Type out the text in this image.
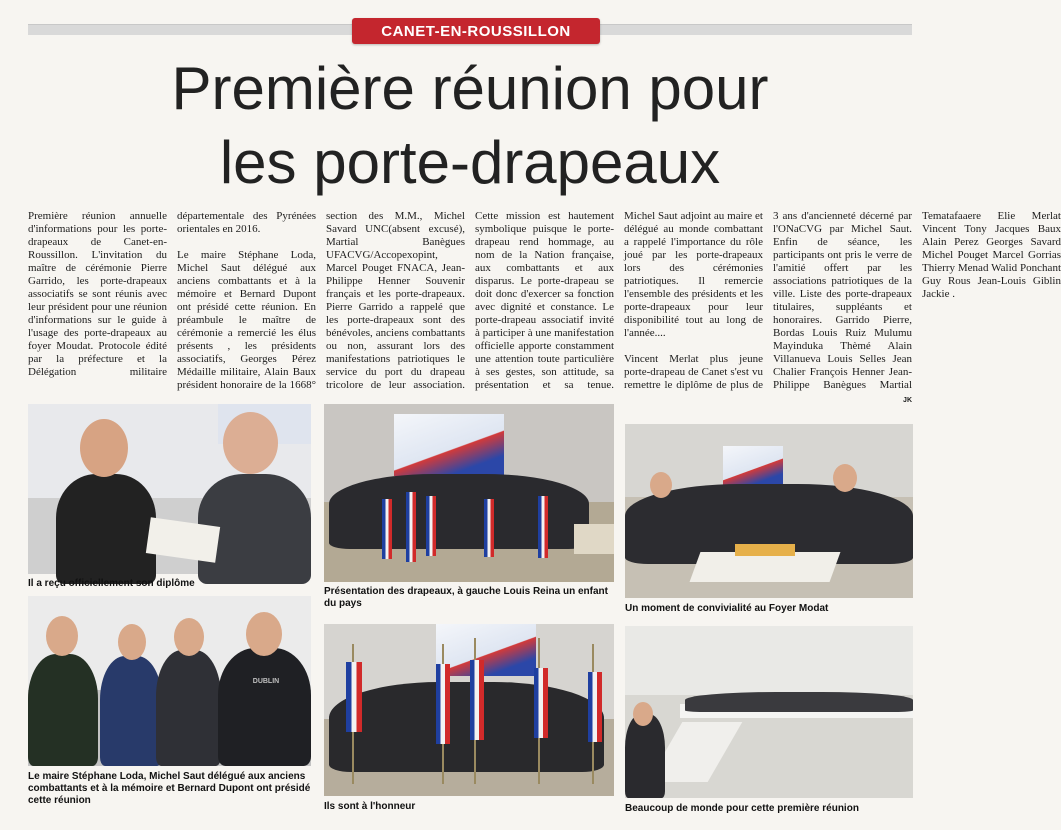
CANET-EN-ROUSSILLON
Première réunion pour
les porte-drapeaux

Première réunion annuelle d'informations pour les porte-drapeaux de Canet-en-Roussillon. L'invitation du maître de cérémonie Pierre Garrido, les porte-drapeaux associatifs se sont réunis avec leur président pour une réunion d'informations sur le guide à l'usage des porte-drapeaux au foyer Moudat. Protocole édité par la préfecture et la Délégation militaire départementale des Pyrénées orientales en 2016.

Le maire Stéphane Loda, Michel Saut délégué aux anciens combattants et à la mémoire et Bernard Dupont ont présidé cette réunion. En préambule le maître de cérémonie a remercié les élus présents , les présidents associatifs, Georges Pérez Médaille militaire, Alain Baux président honoraire de la 1668° section des M.M., Michel Savard UNC(absent excusé), Martial Banègues UFACVG/Accopexopint, Marcel Pouget FNACA, Jean-Philippe Henner Souvenir français et les porte-drapeaux. Pierre Garrido a rappelé que les porte-drapeaux sont des bénévoles, anciens combattants ou non, assurant lors des manifestations patriotiques le service du port du drapeau tricolore de leur association. Cette mission est hautement symbolique puisque le porte-drapeau rend hommage, au nom de la Nation française, aux combattants et aux disparus. Le porte-drapeau se doit donc d'exercer sa fonction avec dignité et constance. Le porte-drapeau associatif invité à participer à une manifestation officielle apporte constamment une attention toute particulière à ses gestes, son attitude, sa présentation et sa tenue. Michel Saut adjoint au maire et délégué au monde combattant a rappelé l'importance du rôle joué par les porte-drapeaux lors des cérémonies patriotiques. Il remercie l'ensemble des présidents et les porte-drapeaux pour leur disponibilité tout au long de l'année....

Vincent Merlat plus jeune porte-drapeau de Canet s'est vu remettre le diplôme de plus de 3 ans d'ancienneté décerné par l'ONaCVG par Michel Saut. Enfin de séance, les participants ont pris le verre de l'amitié offert par les associations patriotiques de la ville. Liste des porte-drapeaux titulaires, suppléants et honoraires. Garrido Pierre, Bordas Louis Ruiz Mulumu Mayinduka Thèmé Alain Villanueva Louis Selles Jean Chalier François Henner Jean-Philippe Banègues Martial Tematafaaere Elie Merlat Vincent Tony Jacques Baux Alain Perez Georges Savard Michel Pouget Marcel Gorrias Thierry Menad Walid Ponchant Guy Rous Jean-Louis Giblin Jackie .

JK
Il a reçu officiellement son diplôme
Présentation des drapeaux, à gauche Louis Reina un enfant du pays	Un moment de convivialité au Foyer Modat
DUBLIN
Le maire Stéphane Loda, Michel Saut délégué aux anciens combattants et à la mémoire et Bernard Dupont ont présidé cette réunion
Ils sont à l'honneur	Beaucoup de monde pour cette première réunion
